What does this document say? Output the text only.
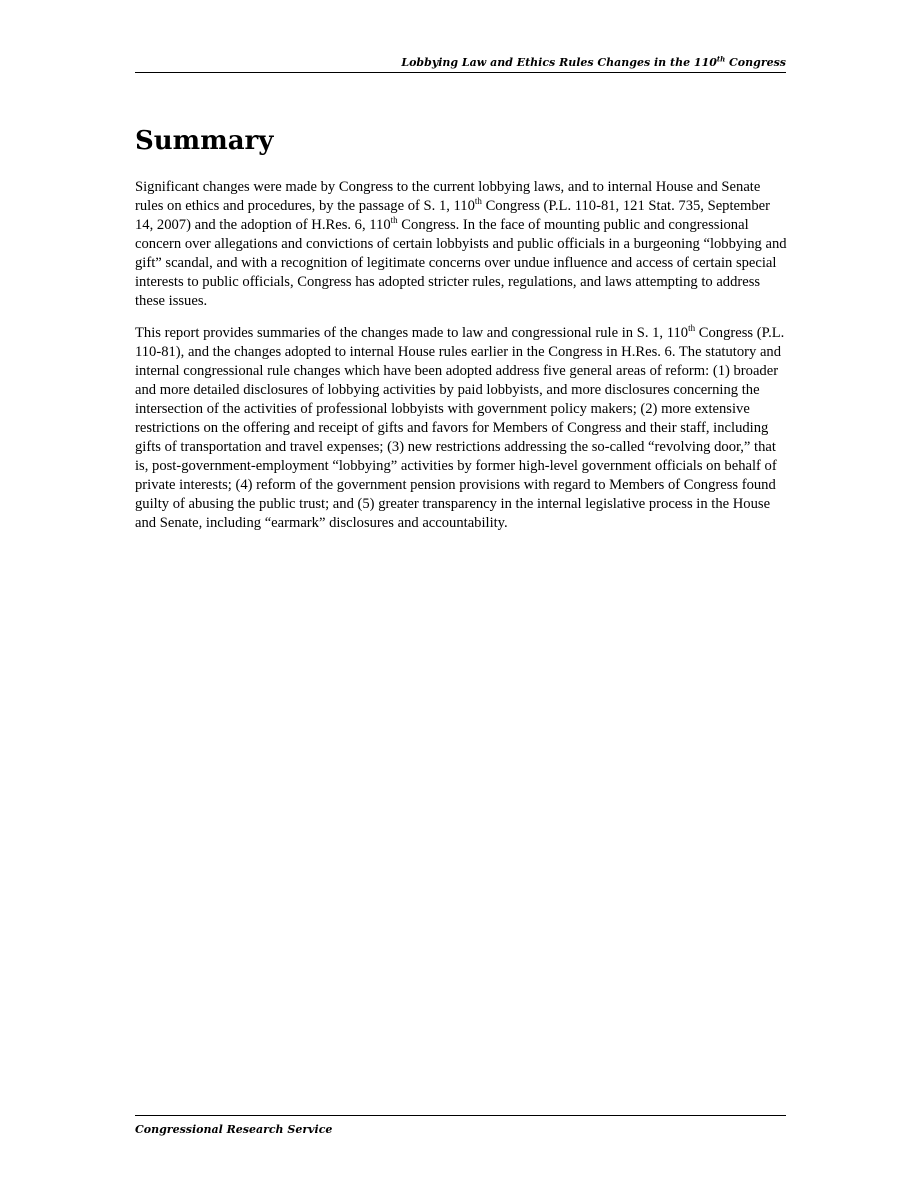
Lobbying Law and Ethics Rules Changes in the 110th Congress
Summary

Significant changes were made by Congress to the current lobbying laws, and to internal House and Senate rules on ethics and procedures, by the passage of S. 1, 110th Congress (P.L. 110-81, 121 Stat. 735, September 14, 2007) and the adoption of H.Res. 6, 110th Congress. In the face of mounting public and congressional concern over allegations and convictions of certain lobbyists and public officials in a burgeoning “lobbying and gift” scandal, and with a recognition of legitimate concerns over undue influence and access of certain special interests to public officials, Congress has adopted stricter rules, regulations, and laws attempting to address these issues.

This report provides summaries of the changes made to law and congressional rule in S. 1, 110th Congress (P.L. 110-81), and the changes adopted to internal House rules earlier in the Congress in H.Res. 6. The statutory and internal congressional rule changes which have been adopted address five general areas of reform: (1) broader and more detailed disclosures of lobbying activities by paid lobbyists, and more disclosures concerning the intersection of the activities of professional lobbyists with government policy makers; (2) more extensive restrictions on the offering and receipt of gifts and favors for Members of Congress and their staff, including gifts of transportation and travel expenses; (3) new restrictions addressing the so-called “revolving door,” that is, post-government-employment “lobbying” activities by former high-level government officials on behalf of private interests; (4) reform of the government pension provisions with regard to Members of Congress found guilty of abusing the public trust; and (5) greater transparency in the internal legislative process in the House and Senate, including “earmark” disclosures and accountability.

Congressional Research Service
